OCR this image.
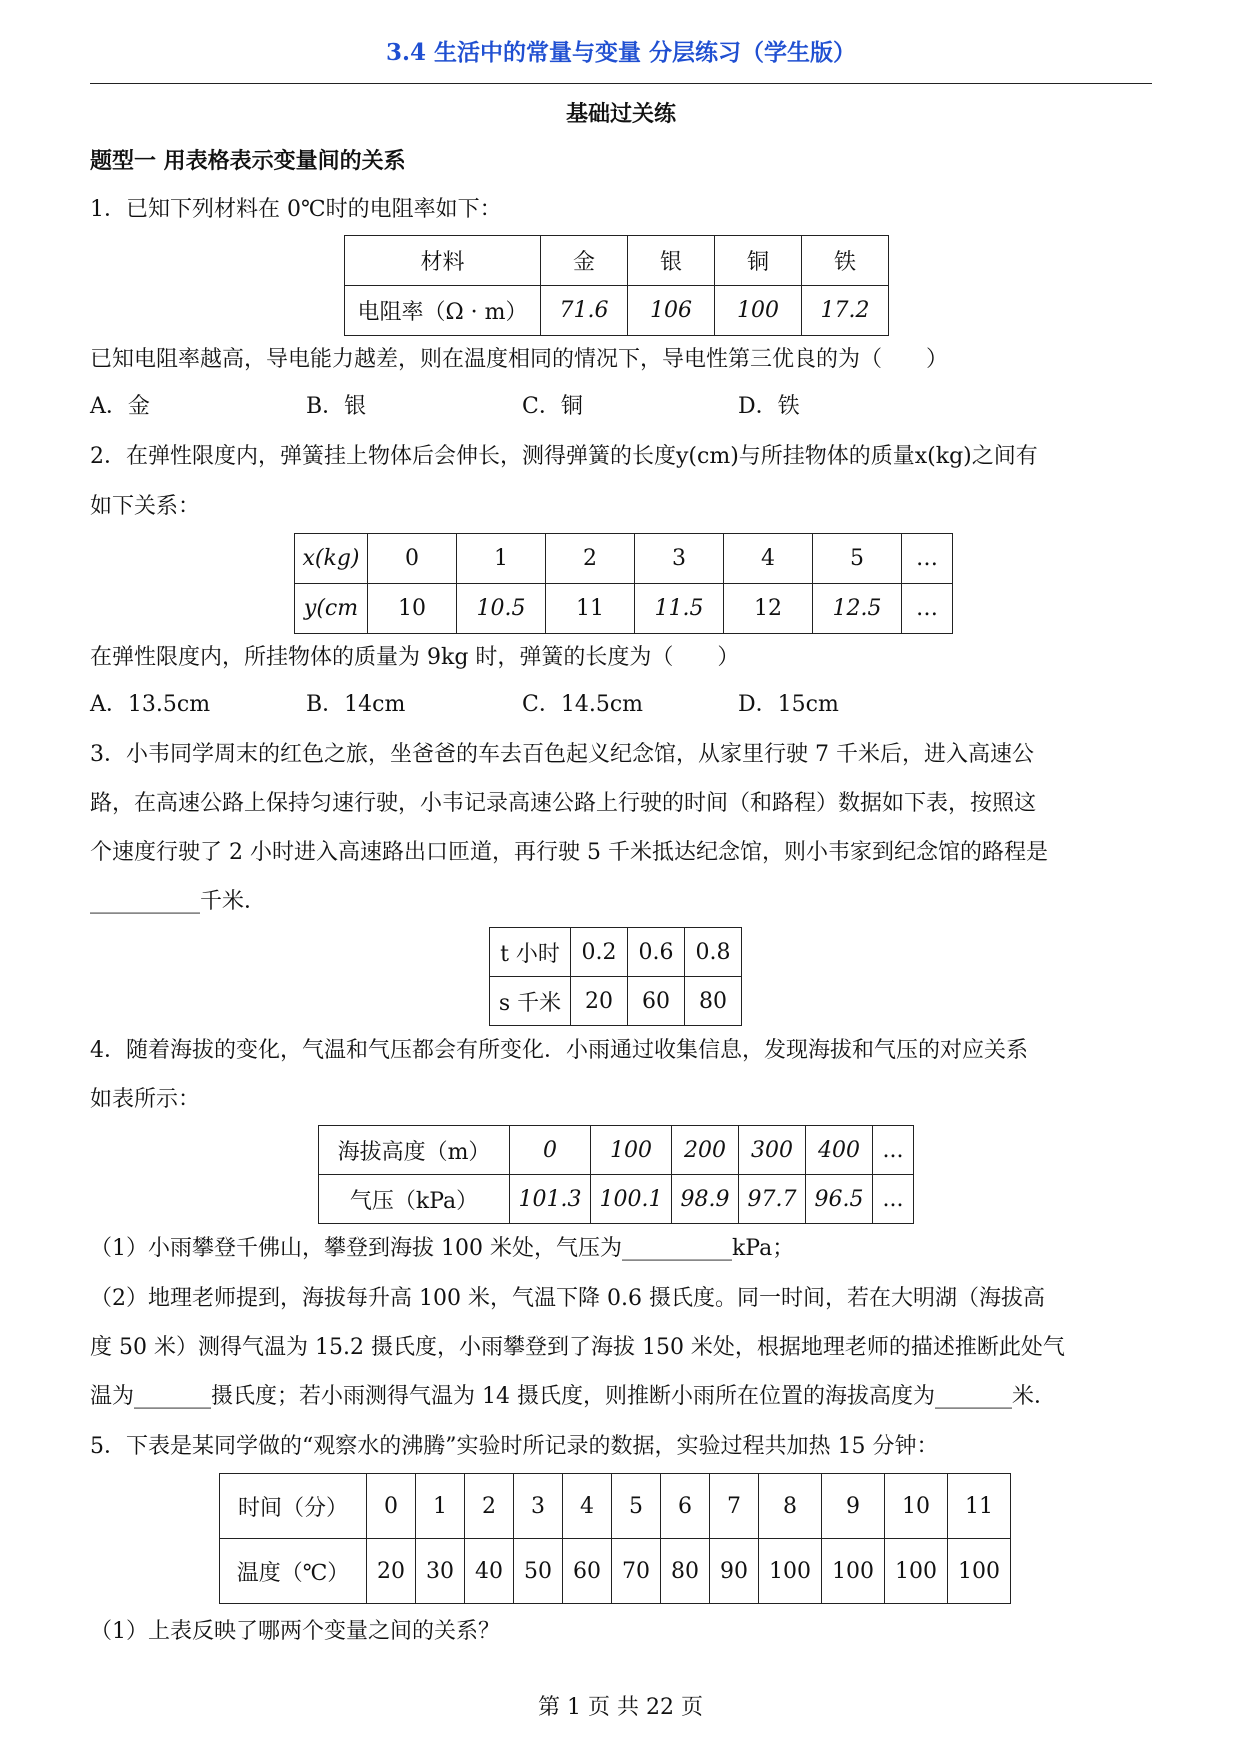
3.4 生活中的常量与变量 分层练习（学生版）
基础过关练
题型一 用表格表示变量间的关系
1．已知下列材料在 0℃时的电阻率如下：
材料	金	银	铜	铁
电阻率（Ω · m）	71.6	106	100	17.2
已知电阻率越高，导电能力越差，则在温度相同的情况下，导电性第三优良的为（　　）
A．金	B．银	C．铜	D．铁
2．在弹性限度内，弹簧挂上物体后会伸长，测得弹簧的长度y(cm)与所挂物体的质量x(kg)之间有
如下关系：
x(kg)	0	1	2	3	4	5	…
y(cm	10	10.5	11	11.5	12	12.5	…
在弹性限度内，所挂物体的质量为 9kg 时，弹簧的长度为（　　）
A．13.5cm	B．14cm	C．14.5cm	D．15cm
3．小韦同学周末的红色之旅，坐爸爸的车去百色起义纪念馆，从家里行驶 7 千米后，进入高速公
路，在高速公路上保持匀速行驶，小韦记录高速公路上行驶的时间（和路程）数据如下表，按照这
个速度行驶了 2 小时进入高速路出口匝道，再行驶 5 千米抵达纪念馆，则小韦家到纪念馆的路程是
__________千米．
t 小时	0.2	0.6	0.8
s 千米	20	60	80
4．随着海拔的变化，气温和气压都会有所变化．小雨通过收集信息，发现海拔和气压的对应关系
如表所示：
海拔高度（m）	0	100	200	300	400	...
气压（kPa）	101.3	100.1	98.9	97.7	96.5	...
（1）小雨攀登千佛山，攀登到海拔 100 米处，气压为__________kPa；
（2）地理老师提到，海拔每升高 100 米，气温下降 0.6 摄氏度。同一时间，若在大明湖（海拔高
度 50 米）测得气温为 15.2 摄氏度，小雨攀登到了海拔 150 米处，根据地理老师的描述推断此处气
温为_______摄氏度；若小雨测得气温为 14 摄氏度，则推断小雨所在位置的海拔高度为_______米．
5．下表是某同学做的“观察水的沸腾”实验时所记录的数据，实验过程共加热 15 分钟：
时间（分）	0	1	2	3	4	5	6	7	8	9	10	11
温度（℃）	20	30	40	50	60	70	80	90	100	100	100	100
（1）上表反映了哪两个变量之间的关系？
第 1 页 共 22 页
